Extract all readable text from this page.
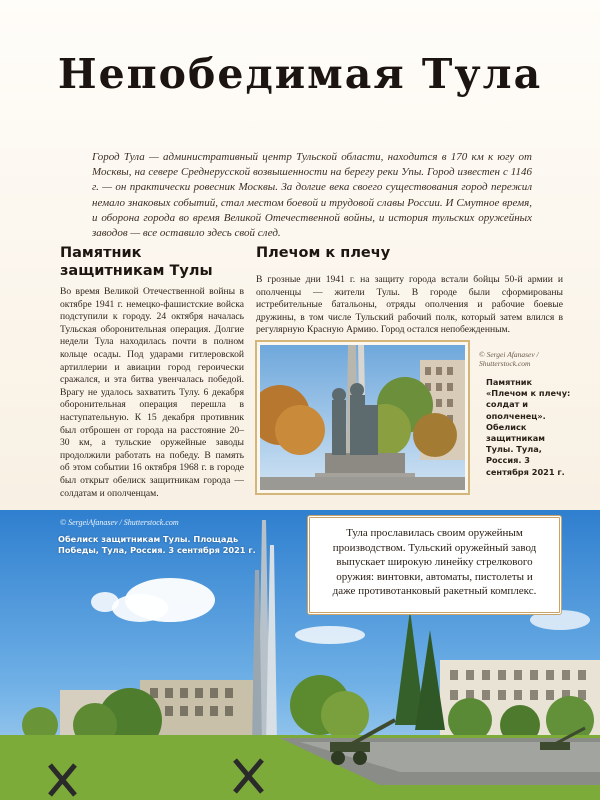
Непобедимая Тула

Город Тула — административный центр Тульской области, находится в 170 км к югу от Москвы, на севере Среднерусской возвышенности на берегу реки Упы. Город известен с 1146 г. — он практически ровесник Москвы. За долгие века своего существования город пережил немало знаковых событий, стал местом боевой и трудовой славы России. И Смутное время, и оборона города во время Великой Отечественной войны, и история тульских оружейных заводов — все оставило здесь свой след.

Памятник защитникам Тулы

Во время Великой Отечественной войны в октябре 1941 г. немецко-фашистские войска подступили к городу. 24 октября началась Тульская оборонительная операция. Долгие недели Тула находилась почти в полном кольце осады. Под ударами гитлеровской артиллерии и авиации город героически сражался, и эта битва увенчалась победой. Врагу не удалось захватить Тулу. 6 декабря оборонительная операция перешла в наступательную. К 15 декабря противник был отброшен от города на расстояние 20–30 км, а тульские оружейные заводы продолжили работать на победу. В память об этом событии 16 октября 1968 г. в городе был открыт обелиск защитникам города — солдатам и ополченцам.

Плечом к плечу

В грозные дни 1941 г. на защиту города встали бойцы 50-й армии и ополченцы — жители Тулы. В городе были сформированы истребительные батальоны, отряды ополчения и рабочие боевые дружины, в том числе Тульский рабочий полк, который затем влился в регулярную Красную Армию. Город остался непобежденным.

© Sergei Afanasev / Shutterstock.com
Памятник «Плечом к плечу: солдат и ополченец». Обелиск защитникам Тулы. Тула, Россия. 3 сентября 2021 г.
© SergeiAfanasev / Shutterstock.com
Обелиск защитникам Тулы. Площадь Победы, Тула, Россия. 3 сентября 2021 г.

Тула прославилась своим оружейным производством. Тульский оружейный завод выпускает широкую линейку стрелкового оружия: винтовки, автоматы, пистолеты и даже противотанковый ракетный комплекс.
